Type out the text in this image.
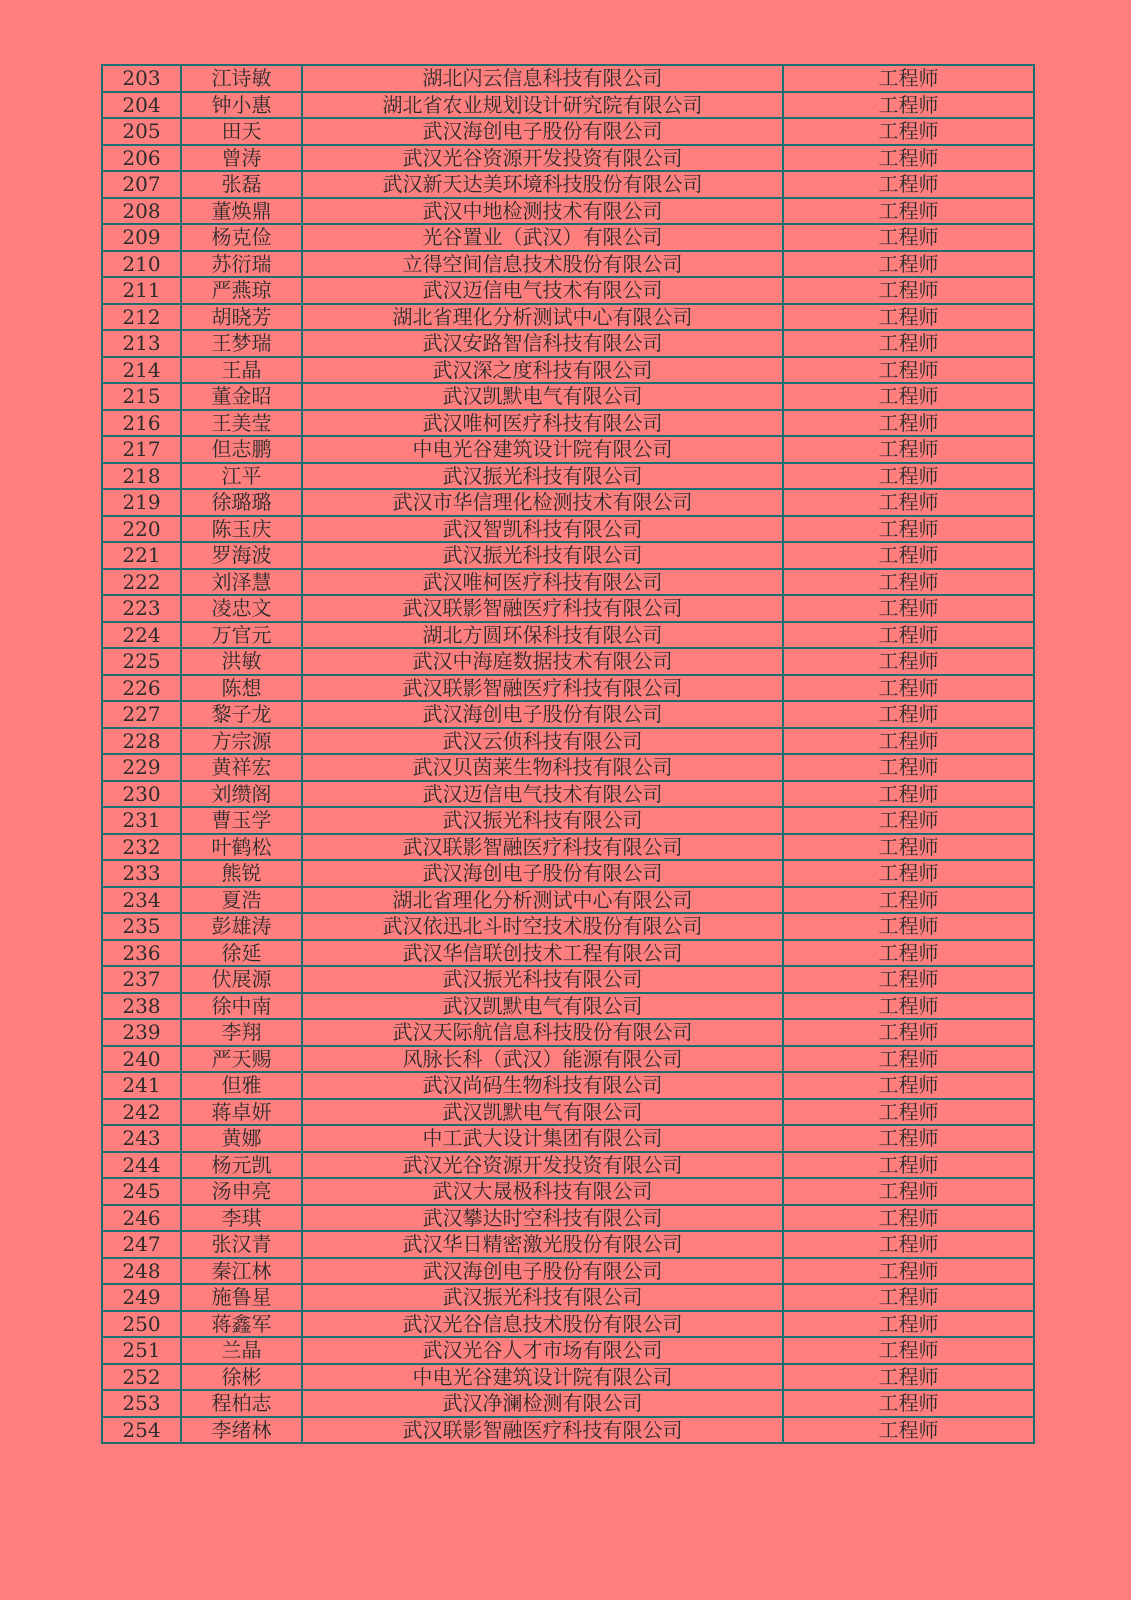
203	江诗敏	湖北闪云信息科技有限公司	工程师
204	钟小惠	湖北省农业规划设计研究院有限公司	工程师
205	田天	武汉海创电子股份有限公司	工程师
206	曾涛	武汉光谷资源开发投资有限公司	工程师
207	张磊	武汉新天达美环境科技股份有限公司	工程师
208	董焕鼎	武汉中地检测技术有限公司	工程师
209	杨克俭	光谷置业（武汉）有限公司	工程师
210	苏衍瑞	立得空间信息技术股份有限公司	工程师
211	严燕琼	武汉迈信电气技术有限公司	工程师
212	胡晓芳	湖北省理化分析测试中心有限公司	工程师
213	王梦瑞	武汉安路智信科技有限公司	工程师
214	王晶	武汉深之度科技有限公司	工程师
215	董金昭	武汉凯默电气有限公司	工程师
216	王美莹	武汉唯柯医疗科技有限公司	工程师
217	但志鹏	中电光谷建筑设计院有限公司	工程师
218	江平	武汉振光科技有限公司	工程师
219	徐璐璐	武汉市华信理化检测技术有限公司	工程师
220	陈玉庆	武汉智凯科技有限公司	工程师
221	罗海波	武汉振光科技有限公司	工程师
222	刘泽慧	武汉唯柯医疗科技有限公司	工程师
223	凌忠文	武汉联影智融医疗科技有限公司	工程师
224	万官元	湖北方圆环保科技有限公司	工程师
225	洪敏	武汉中海庭数据技术有限公司	工程师
226	陈想	武汉联影智融医疗科技有限公司	工程师
227	黎子龙	武汉海创电子股份有限公司	工程师
228	方宗源	武汉云侦科技有限公司	工程师
229	黄祥宏	武汉贝茵莱生物科技有限公司	工程师
230	刘缵阁	武汉迈信电气技术有限公司	工程师
231	曹玉学	武汉振光科技有限公司	工程师
232	叶鹤松	武汉联影智融医疗科技有限公司	工程师
233	熊锐	武汉海创电子股份有限公司	工程师
234	夏浩	湖北省理化分析测试中心有限公司	工程师
235	彭雄涛	武汉依迅北斗时空技术股份有限公司	工程师
236	徐延	武汉华信联创技术工程有限公司	工程师
237	伏展源	武汉振光科技有限公司	工程师
238	徐中南	武汉凯默电气有限公司	工程师
239	李翔	武汉天际航信息科技股份有限公司	工程师
240	严天赐	风脉长科（武汉）能源有限公司	工程师
241	但雅	武汉尚码生物科技有限公司	工程师
242	蒋卓妍	武汉凯默电气有限公司	工程师
243	黄娜	中工武大设计集团有限公司	工程师
244	杨元凯	武汉光谷资源开发投资有限公司	工程师
245	汤申亮	武汉大晟极科技有限公司	工程师
246	李琪	武汉攀达时空科技有限公司	工程师
247	张汉青	武汉华日精密激光股份有限公司	工程师
248	秦江林	武汉海创电子股份有限公司	工程师
249	施鲁星	武汉振光科技有限公司	工程师
250	蒋鑫军	武汉光谷信息技术股份有限公司	工程师
251	兰晶	武汉光谷人才市场有限公司	工程师
252	徐彬	中电光谷建筑设计院有限公司	工程师
253	程柏志	武汉净澜检测有限公司	工程师
254	李绪林	武汉联影智融医疗科技有限公司	工程师
